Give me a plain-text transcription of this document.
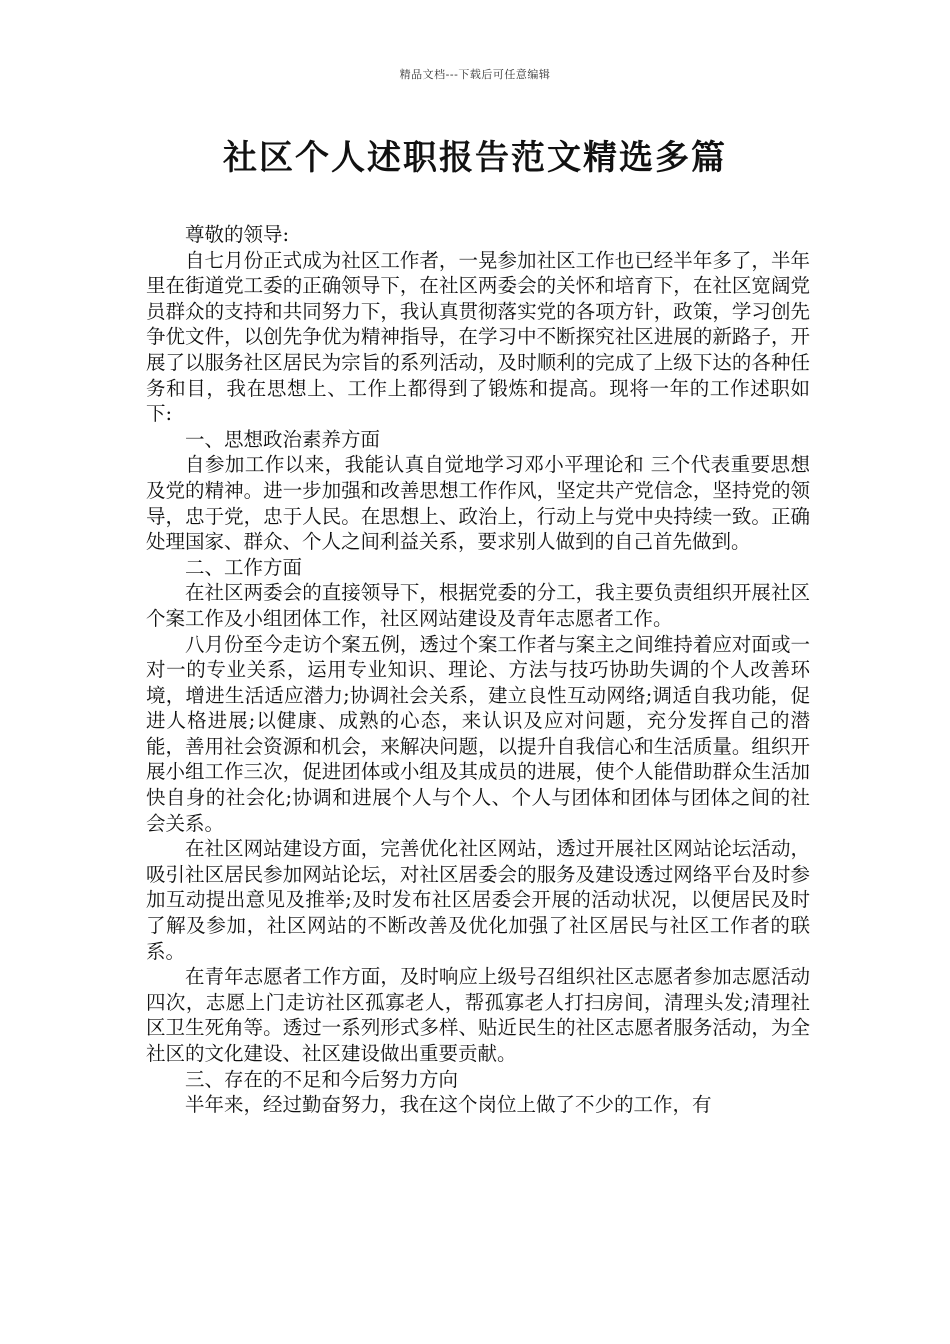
精品文档---下载后可任意编辑
社区个人述职报告范文精选多篇

尊敬的领导:

自七月份正式成为社区工作者，一晃参加社区工作也已经半年多了，半年里在街道党工委的正确领导下，在社区两委会的关怀和培育下，在社区宽阔党员群众的支持和共同努力下，我认真贯彻落实党的各项方针，政策，学习创先争优文件，以创先争优为精神指导，在学习中不断探究社区进展的新路子，开展了以服务社区居民为宗旨的系列活动，及时顺利的完成了上级下达的各种任务和目，我在思想上、工作上都得到了锻炼和提高。现将一年的工作述职如下:

一、思想政治素养方面

自参加工作以来，我能认真自觉地学习邓小平理论和 三个代表重要思想及党的精神。进一步加强和改善思想工作作风，坚定共产党信念，坚持党的领导，忠于党，忠于人民。在思想上、政治上，行动上与党中央持续一致。正确处理国家、群众、个人之间利益关系，要求别人做到的自己首先做到。

二、工作方面

在社区两委会的直接领导下，根据党委的分工，我主要负责组织开展社区个案工作及小组团体工作，社区网站建设及青年志愿者工作。

八月份至今走访个案五例，透过个案工作者与案主之间维持着应对面或一对一的专业关系，运用专业知识、理论、方法与技巧协助失调的个人改善环境，增进生活适应潜力;协调社会关系，建立良性互动网络;调适自我功能，促进人格进展;以健康、成熟的心态，来认识及应对问题，充分发挥自己的潜能，善用社会资源和机会，来解决问题，以提升自我信心和生活质量。组织开展小组工作三次，促进团体或小组及其成员的进展，使个人能借助群众生活加快自身的社会化;协调和进展个人与个人、个人与团体和团体与团体之间的社会关系。

在社区网站建设方面，完善优化社区网站，透过开展社区网站论坛活动，吸引社区居民参加网站论坛，对社区居委会的服务及建设透过网络平台及时参加互动提出意见及推举;及时发布社区居委会开展的活动状况，以便居民及时了解及参加，社区网站的不断改善及优化加强了社区居民与社区工作者的联系。

在青年志愿者工作方面，及时响应上级号召组织社区志愿者参加志愿活动四次，志愿上门走访社区孤寡老人，帮孤寡老人打扫房间，清理头发;清理社区卫生死角等。透过一系列形式多样、贴近民生的社区志愿者服务活动，为全社区的文化建设、社区建设做出重要贡献。

三、存在的不足和今后努力方向

半年来，经过勤奋努力，我在这个岗位上做了不少的工作，有
